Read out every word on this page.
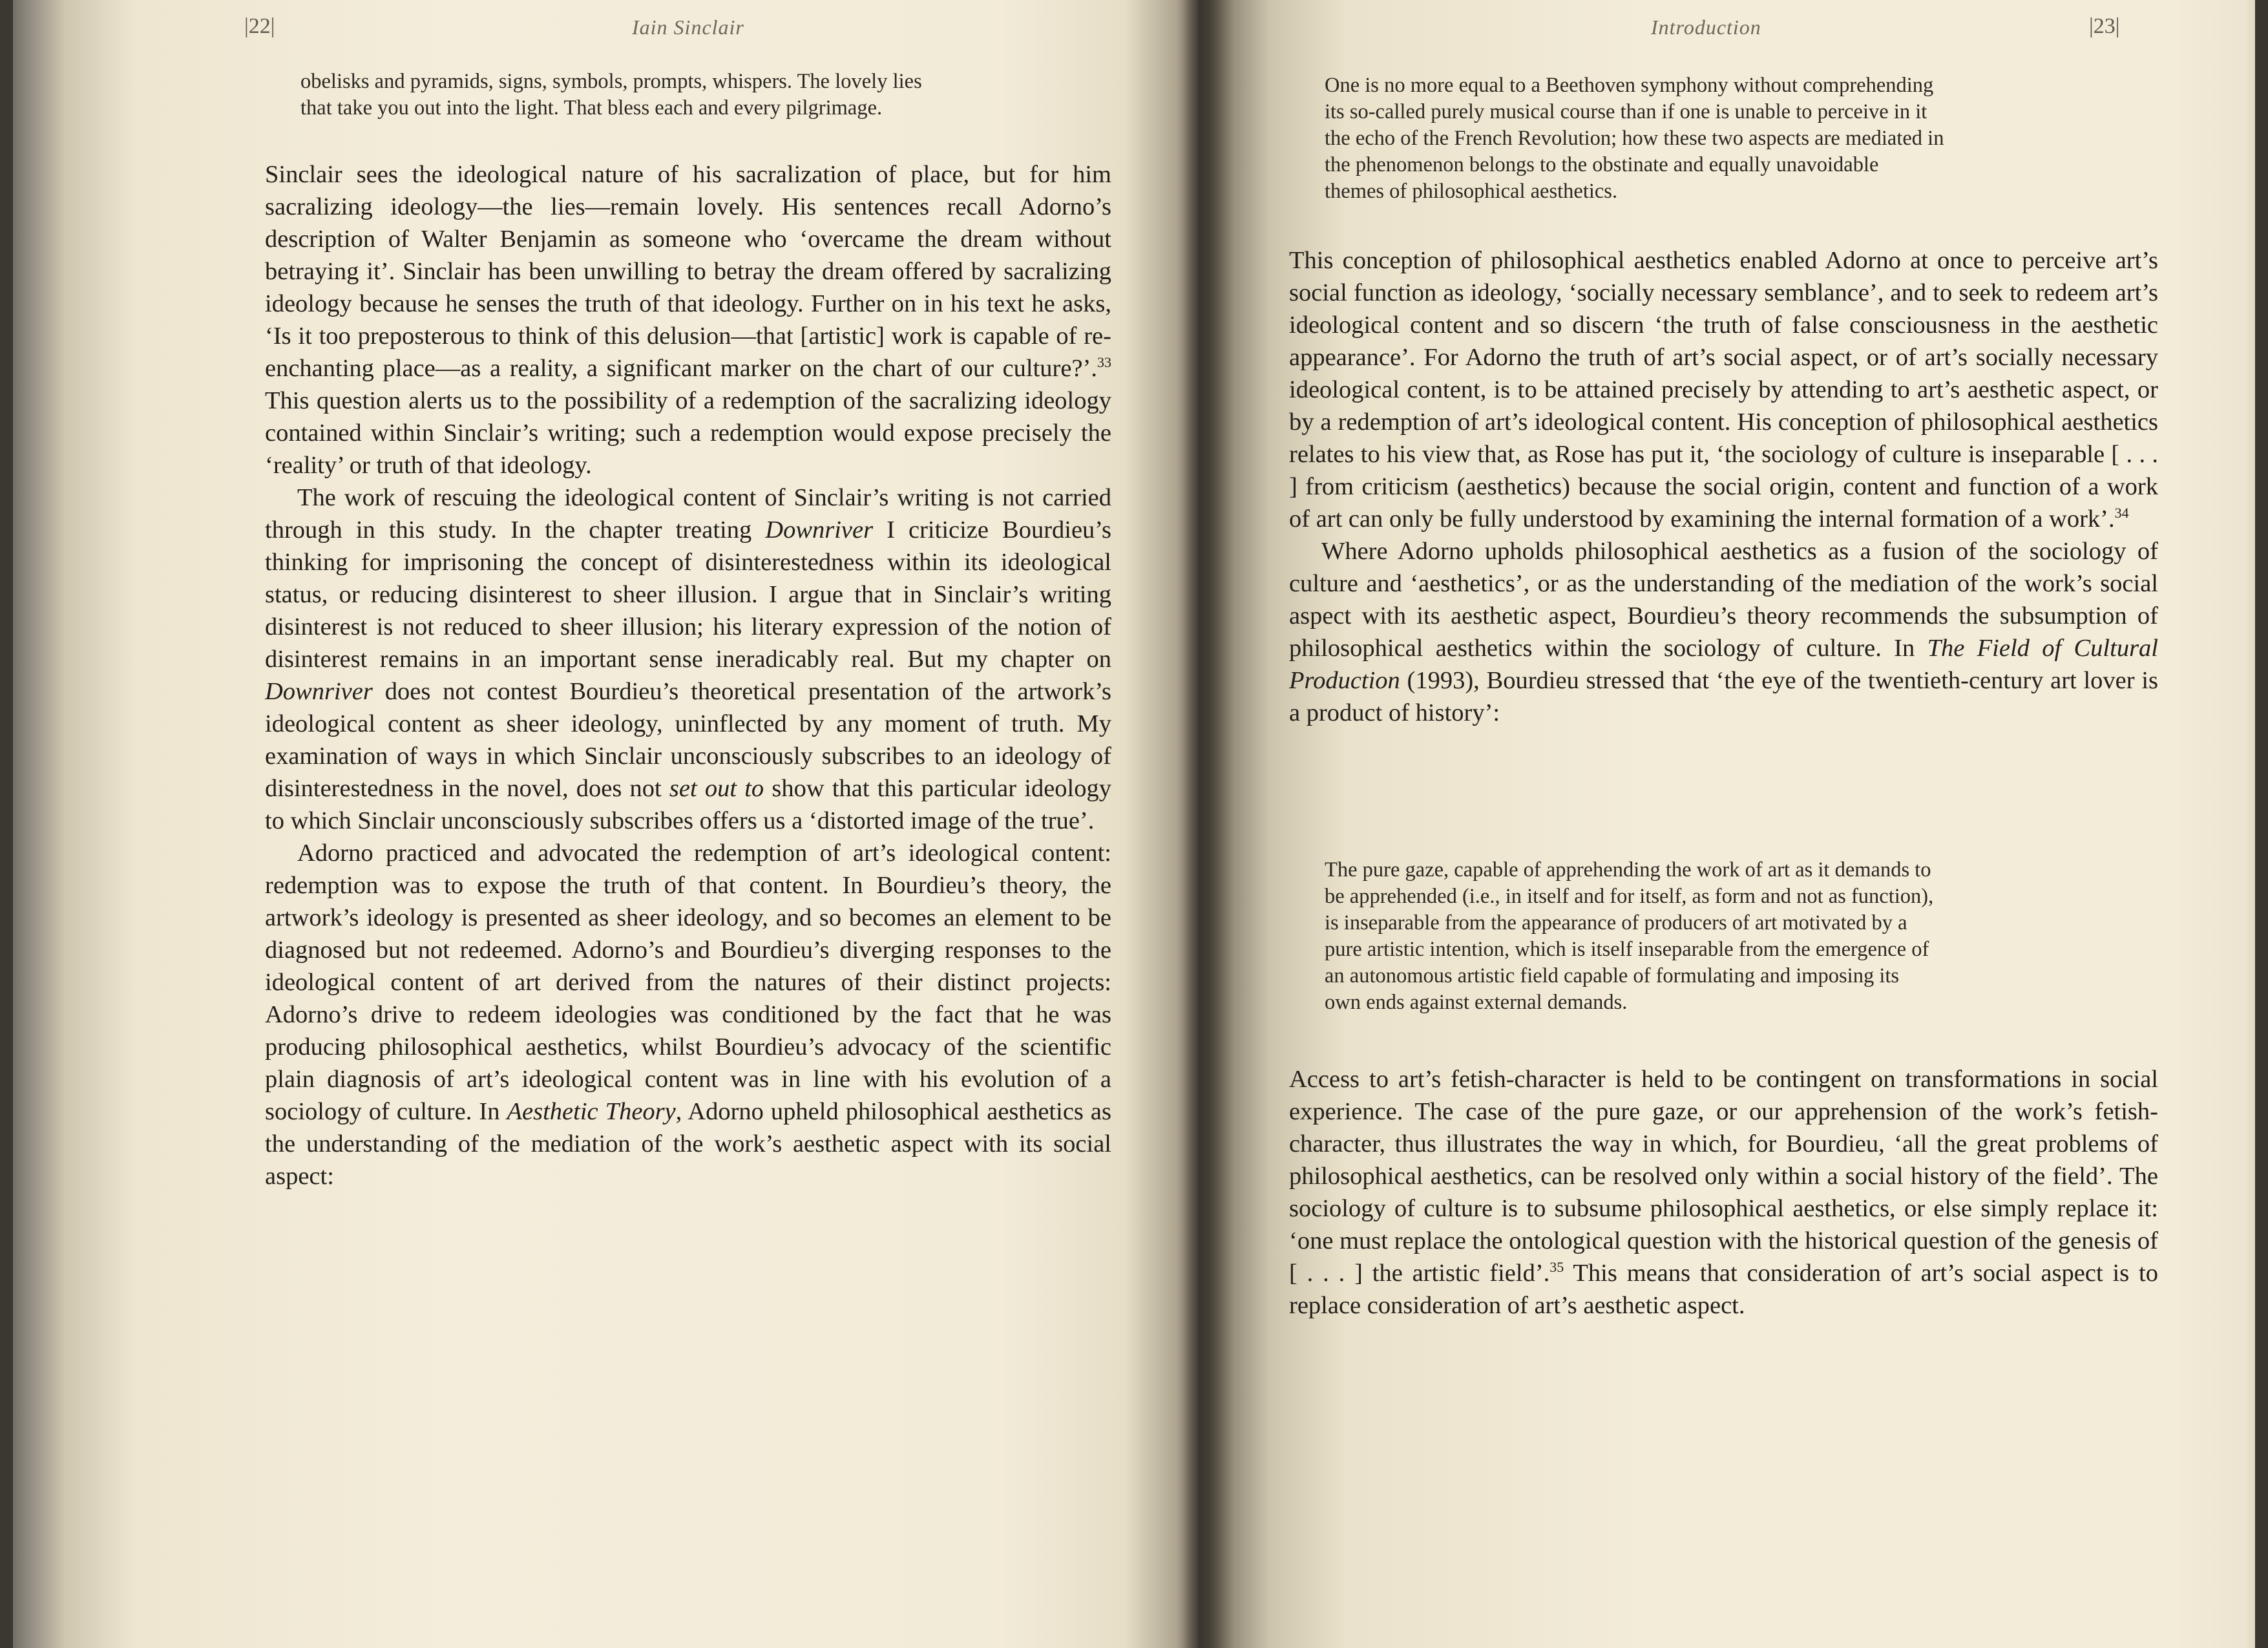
|22|	Iain Sinclair

obelisks and pyramids, signs, symbols, prompts, whispers. The lovely lies

that take you out into the light. That bless each and every pilgrimage.

Sinclair sees the ideological nature of his sacralization of place, but for him sacralizing ideology—the lies—remain lovely. His sentences recall Adorno’s description of Walter Benjamin as someone who ‘overcame the dream without betraying it’. Sinclair has been unwilling to betray the dream offered by sacralizing ideology because he senses the truth of that ideology. Further on in his text he asks, ‘Is it too preposterous to think of this delusion—that [artistic] work is capable of re-enchanting place—as a reality, a significant marker on the chart of our culture?’.$^{33}$ This question alerts us to the possibility of a redemption of the sacralizing ideology contained within Sinclair’s writing; such a redemption would expose precisely the ‘reality’ or truth of that ideology.

The work of rescuing the ideological content of Sinclair’s writing is not carried through in this study. In the chapter treating Downriver I criticize Bourdieu’s thinking for imprisoning the concept of disinterestedness within its ideological status, or reducing disinterest to sheer illusion. I argue that in Sinclair’s writing disinterest is not reduced to sheer illusion; his literary expression of the notion of disinterest remains in an important sense ineradicably real. But my chapter on Downriver does not contest Bourdieu’s theoretical presentation of the artwork’s ideological content as sheer ideology, uninflected by any moment of truth. My examination of ways in which Sinclair unconsciously subscribes to an ideology of disinterestedness in the novel, does not set out to show that this particular ideology to which Sinclair unconsciously subscribes offers us a ‘distorted image of the true’.

Adorno practiced and advocated the redemption of art’s ideological content: redemption was to expose the truth of that content. In Bourdieu’s theory, the artwork’s ideology is presented as sheer ideology, and so becomes an element to be diagnosed but not redeemed. Adorno’s and Bourdieu’s diverging responses to the ideological content of art derived from the natures of their distinct projects: Adorno’s drive to redeem ideologies was conditioned by the fact that he was producing philosophical aesthetics, whilst Bourdieu’s advocacy of the scientific plain diagnosis of art’s ideological content was in line with his evolution of a sociology of culture. In Aesthetic Theory, Adorno upheld philosophical aesthetics as the understanding of the mediation of the work’s aesthetic aspect with its social aspect:

Introduction	|23|

One is no more equal to a Beethoven symphony without comprehending

its so-called purely musical course than if one is unable to perceive in it

the echo of the French Revolution; how these two aspects are mediated in

the phenomenon belongs to the obstinate and equally unavoidable

themes of philosophical aesthetics.

This conception of philosophical aesthetics enabled Adorno at once to perceive art’s social function as ideology, ‘socially necessary semblance’, and to seek to redeem art’s ideological content and so discern ‘the truth of false consciousness in the aesthetic appearance’. For Adorno the truth of art’s social aspect, or of art’s socially necessary ideological content, is to be attained precisely by attending to art’s aesthetic aspect, or by a redemption of art’s ideological content. His conception of philosophical aesthetics relates to his view that, as Rose has put it, ‘the sociology of culture is inseparable [ . . . ] from criticism (aesthetics) because the social origin, content and function of a work of art can only be fully understood by examining the internal formation of a work’.$^{34}$

Where Adorno upholds philosophical aesthetics as a fusion of the sociology of culture and ‘aesthetics’, or as the understanding of the mediation of the work’s social aspect with its aesthetic aspect, Bourdieu’s theory recommends the subsumption of philosophical aesthetics within the sociology of culture. In The Field of Cultural Production (1993), Bourdieu stressed that ‘the eye of the twentieth-century art lover is a product of history’:

The pure gaze, capable of apprehending the work of art as it demands to

be apprehended (i.e., in itself and for itself, as form and not as function),

is inseparable from the appearance of producers of art motivated by a

pure artistic intention, which is itself inseparable from the emergence of

an autonomous artistic field capable of formulating and imposing its

own ends against external demands.

Access to art’s fetish-character is held to be contingent on transformations in social experience. The case of the pure gaze, or our apprehension of the work’s fetish-character, thus illustrates the way in which, for Bourdieu, ‘all the great problems of philosophical aesthetics, can be resolved only within a social history of the field’. The sociology of culture is to subsume philosophical aesthetics, or else simply replace it: ‘one must replace the ontological question with the historical question of the genesis of [ . . . ] the artistic field’.$^{35}$ This means that consideration of art’s social aspect is to replace consideration of art’s aesthetic aspect.
